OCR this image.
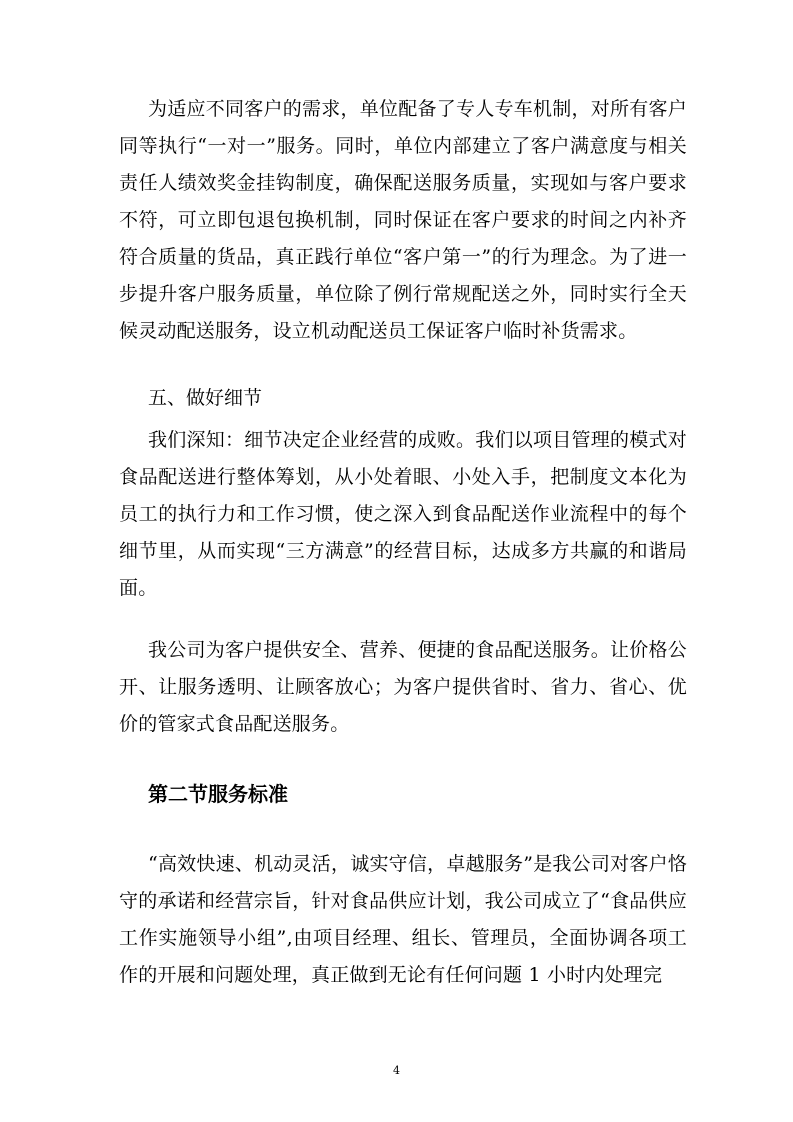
为适应不同客户的需求，单位配备了专人专车机制，对所有客户同等执行“一对一”服务。同时，单位内部建立了客户满意度与相关责任人绩效奖金挂钩制度，确保配送服务质量，实现如与客户要求不符，可立即包退包换机制，同时保证在客户要求的时间之内补齐符合质量的货品，真正践行单位“客户第一”的行为理念。为了进一步提升客户服务质量，单位除了例行常规配送之外，同时实行全天候灵动配送服务，设立机动配送员工保证客户临时补货需求。

五、做好细节

我们深知：细节决定企业经营的成败。我们以项目管理的模式对食品配送进行整体筹划，从小处着眼、小处入手，把制度文本化为员工的执行力和工作习惯，使之深入到食品配送作业流程中的每个细节里，从而实现“三方满意”的经营目标，达成多方共赢的和谐局面。

我公司为客户提供安全、营养、便捷的食品配送服务。让价格公开、让服务透明、让顾客放心；为客户提供省时、省力、省心、优价的管家式食品配送服务。

第二节服务标准

“高效快速、机动灵活，诚实守信，卓越服务”是我公司对客户恪守的承诺和经营宗旨，针对食品供应计划，我公司成立了“食品供应工作实施领导小组”,由项目经理、组长、管理员，全面协调各项工作的开展和问题处理，真正做到无论有任何问题 1 小时内处理完

4
